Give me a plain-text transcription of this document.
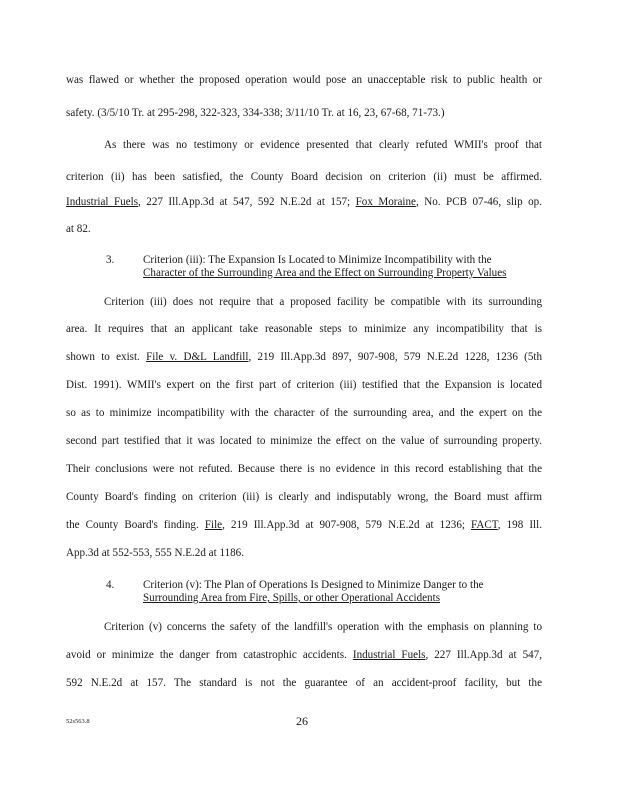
was flawed or whether the proposed operation would pose an unacceptable risk to public health or
safety. (3/5/10 Tr. at 295-298, 322-323, 334-338; 3/11/10 Tr. at 16, 23, 67-68, 71-73.)
As there was no testimony or evidence presented that clearly refuted WMII's proof that
criterion (ii) has been satisfied, the County Board decision on criterion (ii) must be affirmed.
Industrial Fuels, 227 Ill.App.3d at 547, 592 N.E.2d at 157; Fox Moraine, No. PCB 07-46, slip op.
at 82.
3.	Criterion (iii): The Expansion Is Located to Minimize Incompatibility with the
Character of the Surrounding Area and the Effect on Surrounding Property Values
Criterion (iii) does not require that a proposed facility be compatible with its surrounding
area. It requires that an applicant take reasonable steps to minimize any incompatibility that is
shown to exist. File v. D&L Landfill, 219 Ill.App.3d 897, 907-908, 579 N.E.2d 1228, 1236 (5th
Dist. 1991). WMII's expert on the first part of criterion (iii) testified that the Expansion is located
so as to minimize incompatibility with the character of the surrounding area, and the expert on the
second part testified that it was located to minimize the effect on the value of surrounding property.
Their conclusions were not refuted. Because there is no evidence in this record establishing that the
County Board's finding on criterion (iii) is clearly and indisputably wrong, the Board must affirm
the County Board's finding. File, 219 Ill.App.3d at 907-908, 579 N.E.2d at 1236; FACT, 198 Ill.
App.3d at 552-553, 555 N.E.2d at 1186.
4.	Criterion (v): The Plan of Operations Is Designed to Minimize Danger to the
Surrounding Area from Fire, Spills, or other Operational Accidents
Criterion (v) concerns the safety of the landfill's operation with the emphasis on planning to
avoid or minimize the danger from catastrophic accidents. Industrial Fuels, 227 Ill.App.3d at 547,
592 N.E.2d at 157. The standard is not the guarantee of an accident-proof facility, but the
52s563.8	26
